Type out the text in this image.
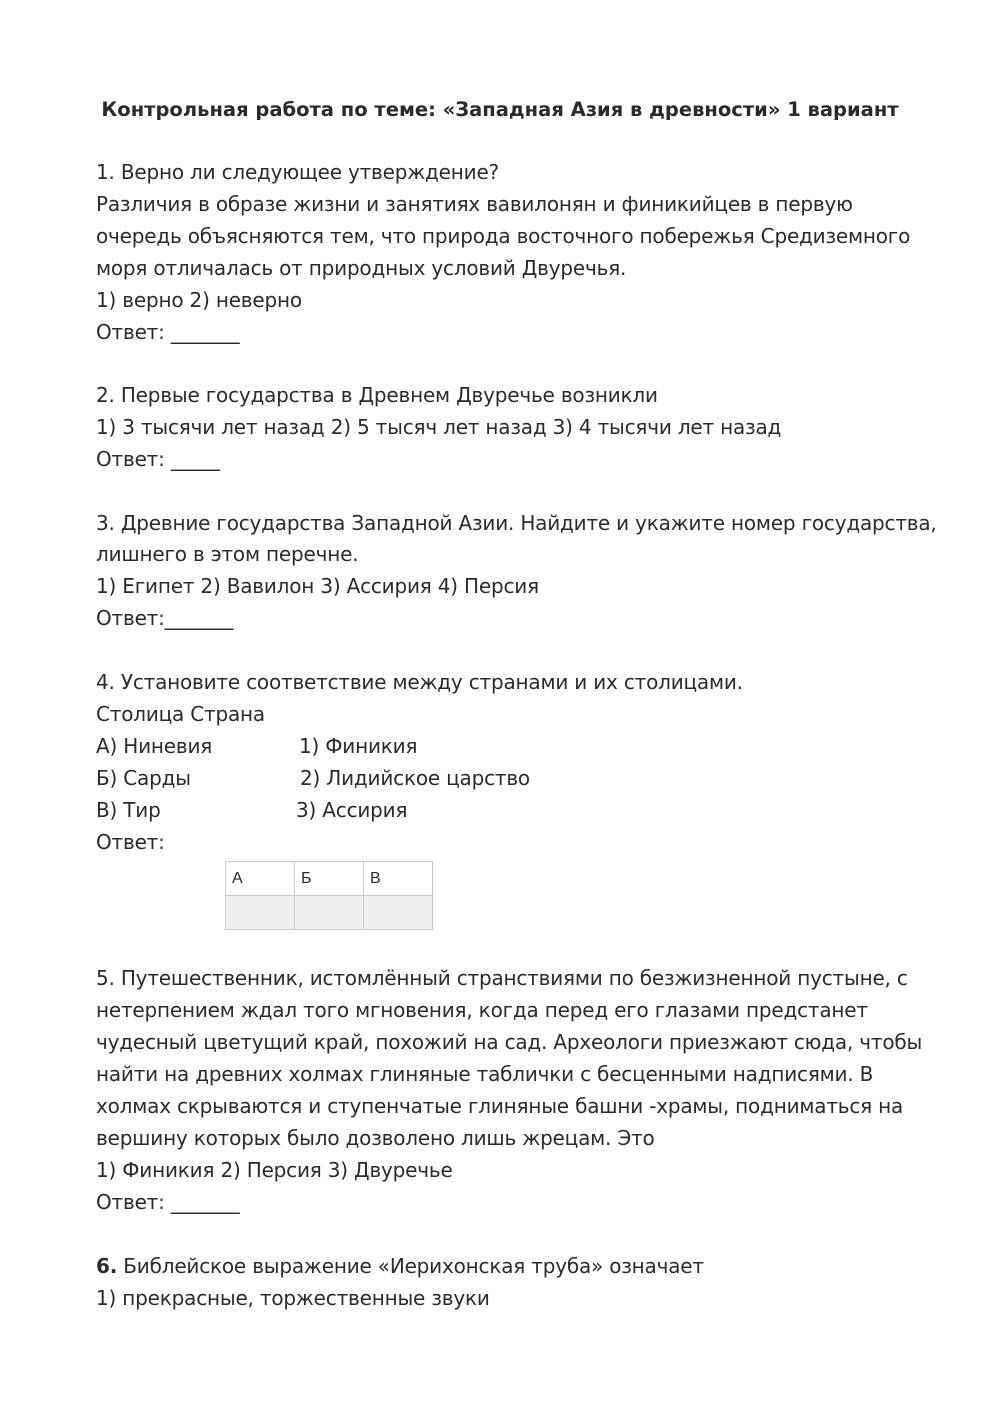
Контрольная работа по теме: «Западная Азия в древности» 1 вариант
1. Верно ли следующее утверждение?
Различия в образе жизни и занятиях вавилонян и финикийцев в первую
очередь объясняются тем, что природа восточного побережья Средиземного
моря отличалась от природных условий Двуречья.
1) верно 2) неверно
Ответ: _______
2. Первые государства в Древнем Двуречье возникли
1) 3 тысячи лет назад 2) 5 тысяч лет назад 3) 4 тысячи лет назад
Ответ: _____
3. Древние государства Западной Азии. Найдите и укажите номер государства,
лишнего в этом перечне.
1) Египет 2) Вавилон 3) Ассирия 4) Персия
Ответ:_______
4. Установите соответствие между странами и их столицами.
Столица Страна
А) Ниневия	1) Финикия
Б) Сарды	2) Лидийское царство
В) Тир	3) Ассирия
Ответ:
А	Б	В

5. Путешественник, истомлённый странствиями по безжизненной пустыне, с
нетерпением ждал того мгновения, когда перед его глазами предстанет
чудесный цветущий край, похожий на сад. Археологи приезжают сюда, чтобы
найти на древних холмах глиняные таблички с бесценными надписями. В
холмах скрываются и ступенчатые глиняные башни -храмы, подниматься на
вершину которых было дозволено лишь жрецам. Это
1) Финикия 2) Персия 3) Двуречье
Ответ: _______
6. Библейское выражение «Иерихонская труба» означает
1) прекрасные, торжественные звуки
